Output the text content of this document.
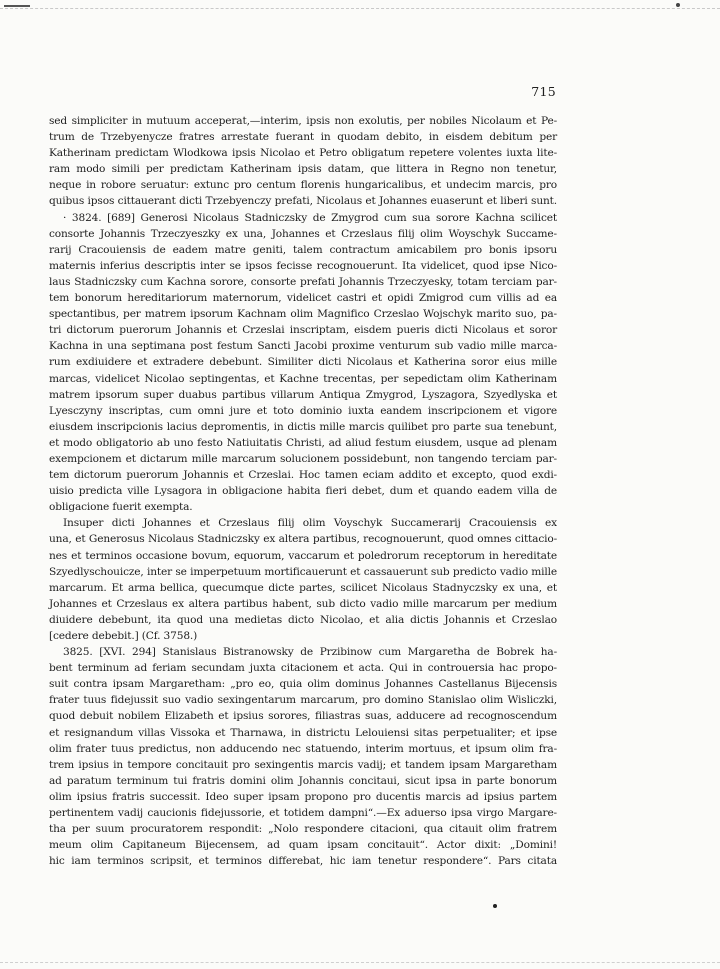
715
sed simpliciter in mutuum acceperat,—interim, ipsis non exolutis, per nobiles Nicolaum et Pe-
trum de Trzebyenycze fratres arrestate fuerant in quodam debito, in eisdem debitum per
Katherinam predictam Wlodkowa ipsis Nicolao et Petro obligatum repetere volentes iuxta lite-
ram modo simili per predictam Katherinam ipsis datam, que littera in Regno non tenetur,
neque in robore seruatur: extunc pro centum florenis hungaricalibus, et undecim marcis, pro
quibus ipsos cittauerant dicti Trzebyenczy prefati, Nicolaus et Johannes euaserunt et liberi sunt.
· 3824. [689] Generosi Nicolaus Stadniczsky de Zmygrod cum sua sorore Kachna scilicet
consorte Johannis Trzeczyeszky ex una, Johannes et Crzeslaus filij olim Woyschyk Succame-
rarij Cracouiensis de eadem matre geniti, talem contractum amicabilem pro bonis ipsoru
maternis inferius descriptis inter se ipsos fecisse recognouerunt. Ita videlicet, quod ipse Nico-
laus Stadniczsky cum Kachna sorore, consorte prefati Johannis Trzeczyesky, totam terciam par-
tem bonorum hereditariorum maternorum, videlicet castri et opidi Zmigrod cum villis ad ea
spectantibus, per matrem ipsorum Kachnam olim Magnifico Crzeslao Wojschyk marito suo, pa-
tri dictorum puerorum Johannis et Crzeslai inscriptam, eisdem pueris dicti Nicolaus et soror
Kachna in una septimana post festum Sancti Jacobi proxime venturum sub vadio mille marca-
rum exdiuidere et extradere debebunt. Similiter dicti Nicolaus et Katherina soror eius mille
marcas, videlicet Nicolao septingentas, et Kachne trecentas, per sepedictam olim Katherinam
matrem ipsorum super duabus partibus villarum Antiqua Zmygrod, Lyszagora, Szyedlyska et
Lyesczyny inscriptas, cum omni jure et toto dominio iuxta eandem inscripcionem et vigore
eiusdem inscripcionis lacius depromentis, in dictis mille marcis quilibet pro parte sua tenebunt,
et modo obligatorio ab uno festo Natiuitatis Christi, ad aliud festum eiusdem, usque ad plenam
exempcionem et dictarum mille marcarum solucionem possidebunt, non tangendo terciam par-
tem dictorum puerorum Johannis et Crzeslai. Hoc tamen eciam addito et excepto, quod exdi-
uisio predicta ville Lysagora in obligacione habita fieri debet, dum et quando eadem villa de
obligacione fuerit exempta.
Insuper dicti Johannes et Crzeslaus filij olim Voyschyk Succamerarij Cracouiensis ex
una, et Generosus Nicolaus Stadniczsky ex altera partibus, recognouerunt, quod omnes cittacio-
nes et terminos occasione bovum, equorum, vaccarum et poledrorum receptorum in hereditate
Szyedlyschouicze, inter se imperpetuum mortificauerunt et cassauerunt sub predicto vadio mille
marcarum. Et arma bellica, quecumque dicte partes, scilicet Nicolaus Stadnyczsky ex una, et
Johannes et Crzeslaus ex altera partibus habent, sub dicto vadio mille marcarum per medium
diuidere debebunt, ita quod una medietas dicto Nicolao, et alia dictis Johannis et Crzeslao
[cedere debebit.] (Cf. 3758.)
3825. [XVI. 294] Stanislaus Bistranowsky de Przibinow cum Margaretha de Bobrek ha-
bent terminum ad feriam secundam juxta citacionem et acta. Qui in controuersia hac propo-
suit contra ipsam Margaretham: „pro eo, quia olim dominus Johannes Castellanus Bijecensis
frater tuus fidejussit suo vadio sexingentarum marcarum, pro domino Stanislao olim Wisliczki,
quod debuit nobilem Elizabeth et ipsius sorores, filiastras suas, adducere ad recognoscendum
et resignandum villas Vissoka et Tharnawa, in districtu Lelouiensi sitas perpetualiter; et ipse
olim frater tuus predictus, non adducendo nec statuendo, interim mortuus, et ipsum olim fra-
trem ipsius in tempore concitauit pro sexingentis marcis vadij; et tandem ipsam Margaretham
ad paratum terminum tui fratris domini olim Johannis concitaui, sicut ipsa in parte bonorum
olim ipsius fratris successit. Ideo super ipsam propono pro ducentis marcis ad ipsius partem
pertinentem vadij caucionis fidejussorie, et totidem dampni“.—Ex aduerso ipsa virgo Margare-
tha per suum procuratorem respondit: „Nolo respondere citacioni, qua citauit olim fratrem
meum olim Capitaneum Bijecensem, ad quam ipsam concitauit“. Actor dixit: „Domini!
hic iam terminos scripsit, et terminos differebat, hic iam tenetur respondere“. Pars citata
